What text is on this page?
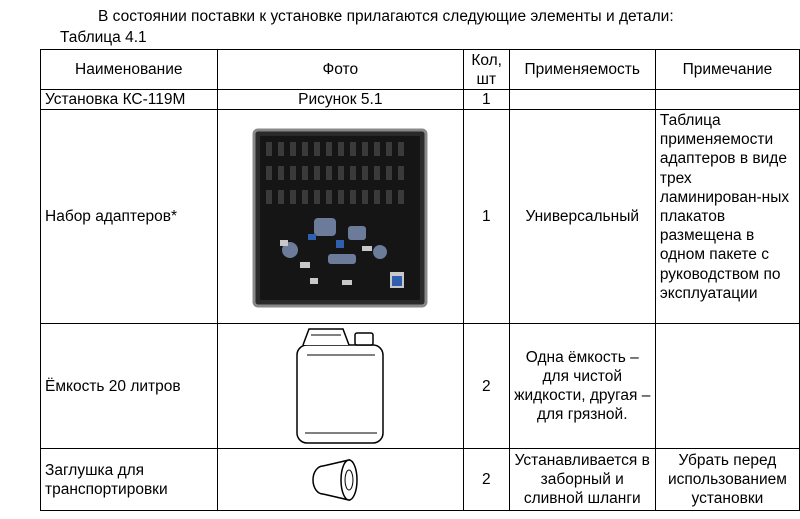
В состоянии поставки к установке прилагаются следующие элементы и детали:
Таблица 4.1
Наименование	Фото	Кол, шт	Применяемость	Примечание
Установка КС-119М	Рисунок 5.1	1		
Набор адаптеров*		1	Универсальный	Таблица применяемости адаптеров в виде трех ламинирован-ных плакатов размещена в одном пакете с руководством по эксплуатации
Ёмкость 20 литров		2	Одна ёмкость – для чистой жидкости, другая – для грязной.	
Заглушка для транспортировки		2	Устанавливается в заборный и сливной шланги	Убрать перед использованием установки
